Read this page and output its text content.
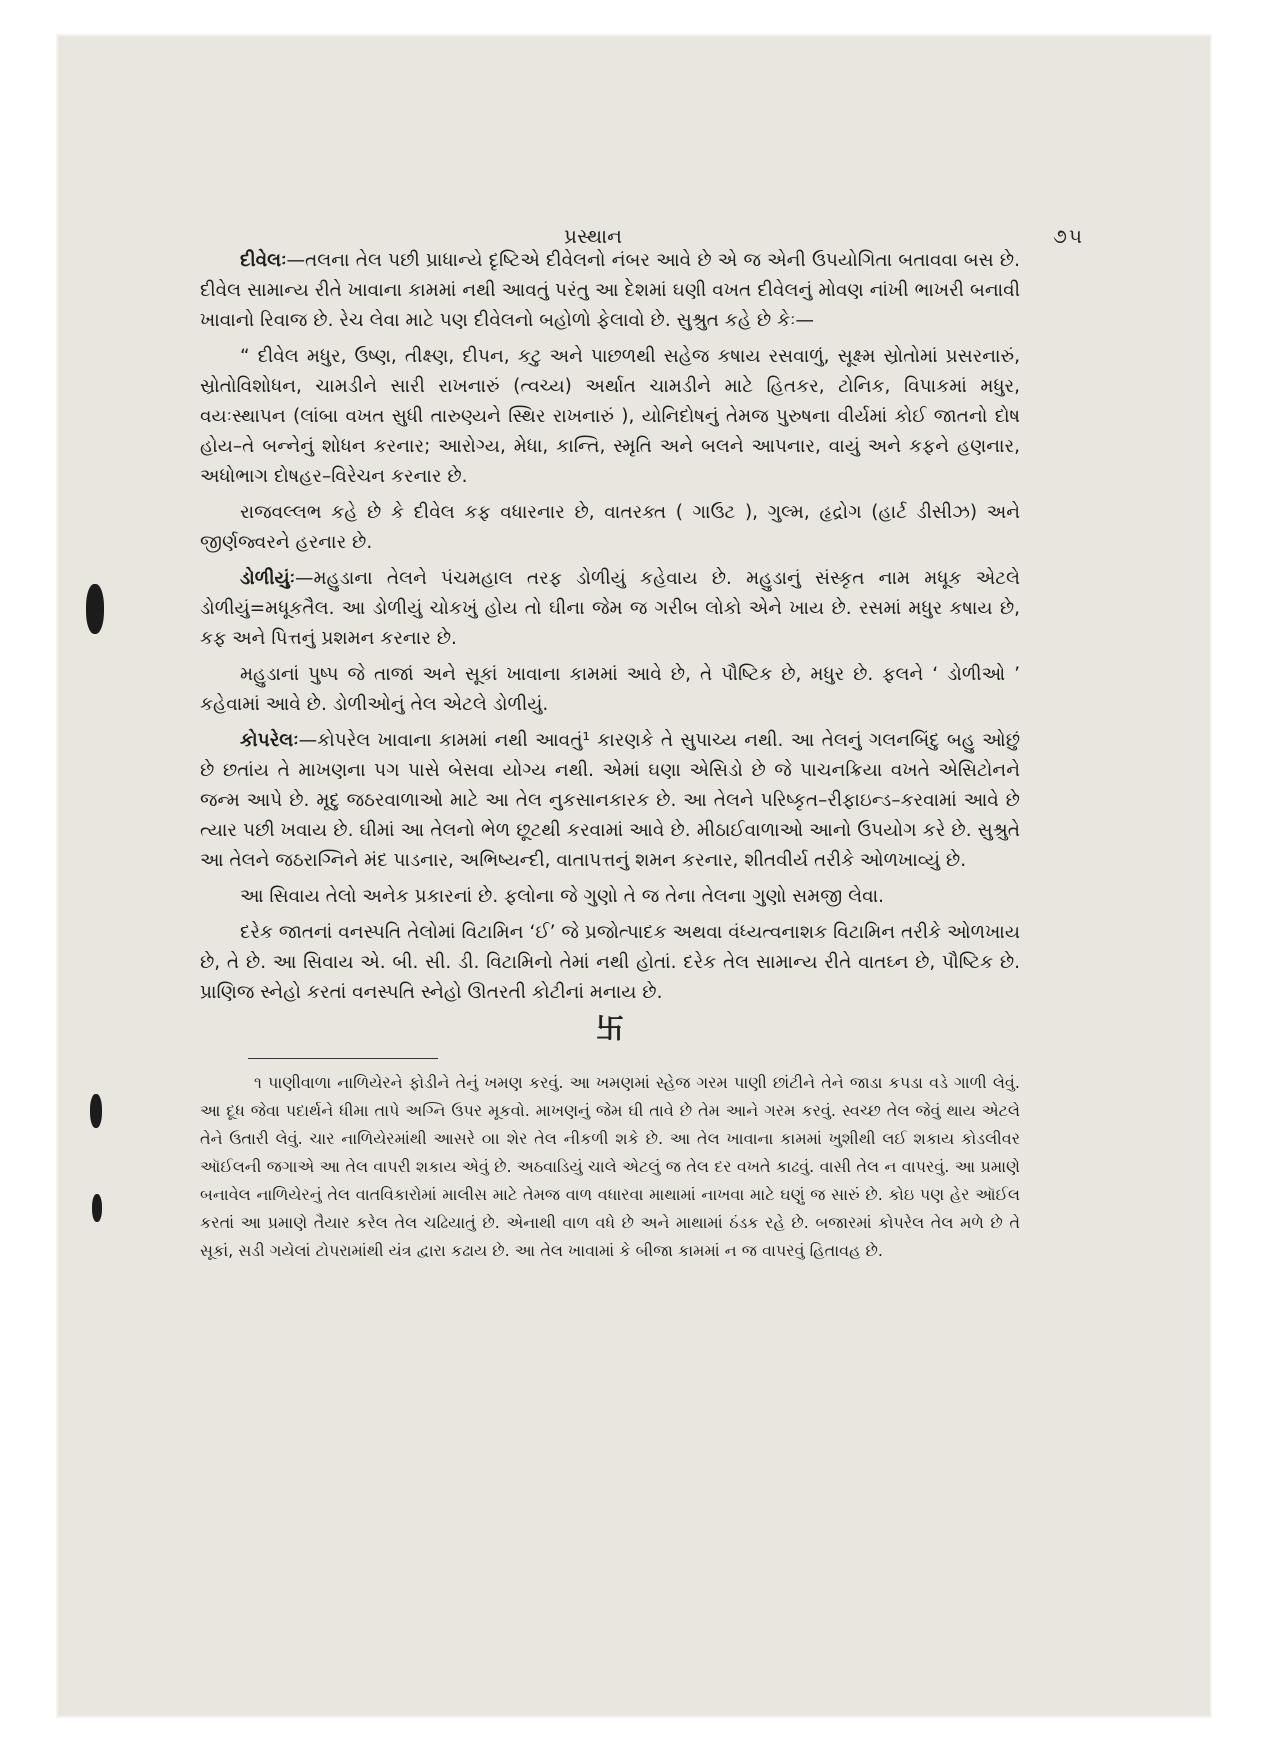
પ્રસ્થાન	૭૫

દીવેલઃ—તલના તેલ પછી પ્રાધાન્યે દૃષ્ટિએ દીવેલનો નંબર આવે છે એ જ એની ઉપયોગિતા બતાવવા બસ છે. દીવેલ સામાન્ય રીતે ખાવાના કામમાં નથી આવતું પરંતુ આ દેશમાં ઘણી વખત દીવેલનું મોવણ નાંખી ભાખરી બનાવી ખાવાનો રિવાજ છે. રેચ લેવા માટે પણ દીવેલનો બહોળો ફેલાવો છે. સુશ્રુત કહે છે કેઃ—

“ દીવેલ મધુર, ઉષ્ણ, તીક્ષ્ણ, દીપન, કટુ અને પાછળથી સહેજ કષાય રસવાળું, સૂક્ષ્મ સ્રોતોમાં પ્રસરનારું, સ્રોતોવિશોધન, ચામડીને સારી રાખનારું (ત્વચ્ય) અર્થાત ચામડીને માટે હિતકર, ટોનિક, વિપાકમાં મધુર, વયઃસ્થાપન (લાંબા વખત સુધી તારુણ્યને સ્થિર રાખનારું ), યોનિદોષનું તેમજ પુરુષના વીર્યમાં કોઈ જાતનો દોષ હોય–તે બન્નેનું શોધન કરનાર; આરોગ્ય, મેધા, કાન્તિ, સ્મૃતિ અને બલને આપનાર, વાયું અને કફને હણનાર, અધોભાગ દોષહર–વિરેચન કરનાર છે.

રાજવલ્લભ કહે છે કે દીવેલ કફ વધારનાર છે, વાતરક્ત ( ગાઉટ ), ગુલ્મ, હૃદ્રોગ (હાર્ટ ડીસીઝ) અને જીર્ણજ્વરને હરનાર છે.

ડોળીયુંઃ—મહુડાના તેલને પંચમહાલ તરફ ડોળીયું કહેવાય છે. મહુડાનું સંસ્કૃત નામ મધૂક એટલે ડોળીયું=મધૂકતૈલ. આ ડોળીયું ચોકખું હોય તો ઘીના જેમ જ ગરીબ લોકો એને ખાય છે. રસમાં મધુર કષાય છે, કફ અને પિત્તનું પ્રશમન કરનાર છે.

મહુડાનાં પુષ્પ જે તાજાં અને સૂકાં ખાવાના કામમાં આવે છે, તે પૌષ્ટિક છે, મધુર છે. ફલને ‘ ડોળીઓ ’ કહેવામાં આવે છે. ડોળીઓનું તેલ એટલે ડોળીયું.

કોપરેલઃ—કોપરેલ ખાવાના કામમાં નથી આવતું¹ કારણકે તે સુપાચ્ય નથી. આ તેલનું ગલનબિંદુ બહુ ઓછું છે છતાંય તે માખણના પગ પાસે બેસવા યોગ્ય નથી. એમાં ઘણા એસિડો છે જે પાચનક્રિયા વખતે એસિટોનને જન્મ આપે છે. મૃદુ જઠરવાળાઓ માટે આ તેલ નુકસાનકારક છે. આ તેલને પરિષ્કૃત–રીફાઇન્ડ–કરવામાં આવે છે ત્યાર પછી ખવાય છે. ઘીમાં આ તેલનો ભેળ છૂટથી કરવામાં આવે છે. મીઠાઈવાળાઓ આનો ઉપયોગ કરે છે. સુશ્રુતે આ તેલને જઠરાગ્નિને મંદ પાડનાર, અભિષ્યન્દી, વાતાપત્તનું શમન કરનાર, શીતવીર્ય તરીકે ઓળખાવ્યું છે.

આ સિવાય તેલો અનેક પ્રકારનાં છે. ફલોના જે ગુણો તે જ તેના તેલના ગુણો સમજી લેવા.

દરેક જાતનાં વનસ્પતિ તેલોમાં વિટામિન ‘ઈ’ જે પ્રજોત્પાદક અથવા વંધ્યત્વનાશક વિટામિન તરીકે ઓળખાય છે, તે છે. આ સિવાય એ. બી. સી. ડી. વિટામિનો તેમાં નથી હોતાં. દરેક તેલ સામાન્ય રીતે વાતઘ્ન છે, પૌષ્ટિક છે. પ્રાણિજ સ્નેહો કરતાં વનસ્પતિ સ્નેહો ઊતરતી કોટીનાં મનાય છે.

卐
૧ પાણીવાળા નાળિયેરને ફોડીને તેનું ખમણ કરવું. આ ખમણમાં સ્હેજ ગરમ પાણી છાંટીને તેને જાડા કપડા વડે ગાળી લેવું. આ દૂધ જેવા પદાર્થને ધીમા તાપે અગ્નિ ઉપર મૂકવો. માખણનું જેમ ઘી તાવે છે તેમ આને ગરમ કરવું. સ્વચ્છ તેલ જેવું થાય એટલે તેને ઉતારી લેવું. ચાર નાળિયેરમાંથી આસરે ૦।। શેર તેલ નીકળી શકે છે. આ તેલ ખાવાના કામમાં ખુશીથી લઈ શકાય કોડલીવર ઑઈલની જગાએ આ તેલ વાપરી શકાય એવું છે. અઠવાડિયું ચાલે એટલું જ તેલ દર વખતે કાઢવું. વાસી તેલ ન વાપરવું. આ પ્રમાણે બનાવેલ નાળિયેરનું તેલ વાતવિકારોમાં માલીસ માટે તેમજ વાળ વધારવા માથામાં નાખવા માટે ઘણું જ સારું છે. કોઇ પણ હેર ઑઈલ કરતાં આ પ્રમાણે તૈયાર કરેલ તેલ ચઢિયાતું છે. એનાથી વાળ વધે છે અને માથામાં ઠંડક રહે છે. બજારમાં કોપરેલ તેલ મળે છે તે સૂકાં, સડી ગયેલાં ટોપરામાંથી યંત્ર દ્વારા કઢાય છે. આ તેલ ખાવામાં કે બીજા કામમાં ન જ વાપરવું હિતાવહ છે.
